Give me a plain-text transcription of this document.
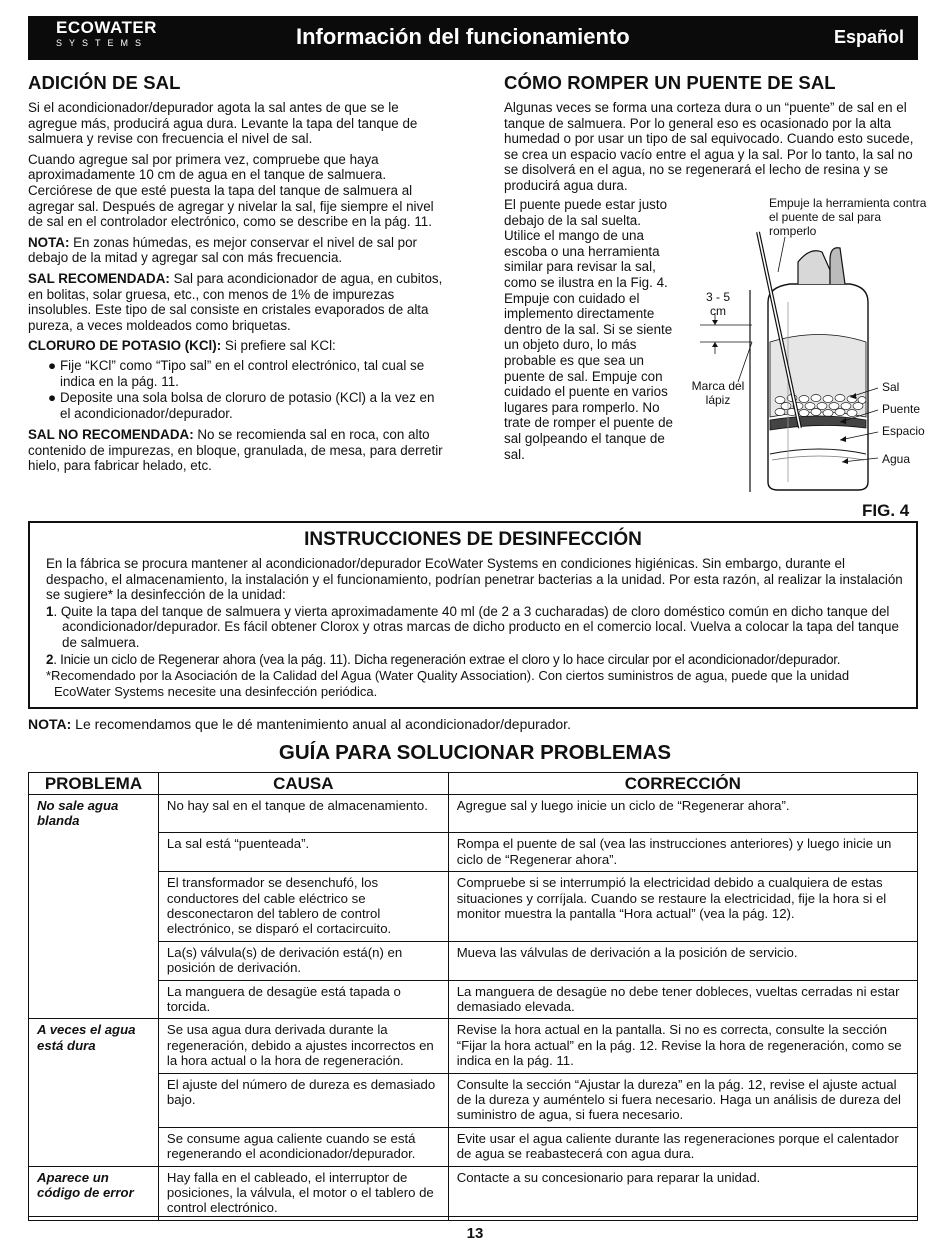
ECOWATER
SYSTEMS	Información del funcionamiento	Español
ADICIÓN DE SAL

Si el acondicionador/depurador agota la sal antes de que se le agregue más, producirá agua dura. Levante la tapa del tanque de salmuera y revise con frecuencia el nivel de sal.

Cuando agregue sal por primera vez, compruebe que haya aproximadamente 10 cm de agua en el tanque de salmuera. Cerciórese de que esté puesta la tapa del tanque de salmuera al agregar sal. Después de agregar y nivelar la sal, fije siempre el nivel de sal en el controlador electrónico, como se describe en la pág. 11.

NOTA: En zonas húmedas, es mejor conservar el nivel de sal por debajo de la mitad y agregar sal con más frecuencia.

SAL RECOMENDADA: Sal para acondicionador de agua, en cubitos, en bolitas, solar gruesa, etc., con menos de 1% de impurezas insolubles. Este tipo de sal consiste en cristales evaporados de alta pureza, a veces moldeados como briquetas.

CLORURO DE POTASIO (KCl): Si prefiere sal KCl:

● Fije “KCl” como “Tipo sal” en el control electrónico, tal cual se indica en la pág. 11.
● Deposite una sola bolsa de cloruro de potasio (KCl) a la vez en el acondicionador/depurador.

SAL NO RECOMENDADA: No se recomienda sal en roca, con alto contenido de impurezas, en bloque, granulada, de mesa, para derretir hielo, para fabricar helado, etc.

CÓMO ROMPER UN PUENTE DE SAL

Algunas veces se forma una corteza dura o un “puente” de sal en el tanque de salmuera. Por lo general eso es ocasionado por la alta humedad o por usar un tipo de sal equivocado. Cuando esto sucede, se crea un espacio vacío entre el agua y la sal. Por lo tanto, la sal no se disolverá en el agua, no se regenerará el lecho de resina y se producirá agua dura.

El puente puede estar justo debajo de la sal suelta. Utilice el mango de una escoba o una herramienta similar para revisar la sal, como se ilustra en la Fig. 4. Empuje con cuidado el implemento directamente dentro de la sal. Si se siente un objeto duro, lo más probable es que sea un puente de sal. Empuje con cuidado el puente en varios lugares para romperlo. No trate de romper el puente de sal golpeando el tanque de sal.
Empuje la herramienta contra el puente de sal para romperlo
3 - 5 cm
Marca del lápiz
Sal
Puente
Espacio
Agua
FIG. 4
INSTRUCCIONES DE DESINFECCIÓN

En la fábrica se procura mantener al acondicionador/depurador EcoWater Systems en condiciones higiénicas. Sin embargo, durante el despacho, el almacenamiento, la instalación y el funcionamiento, podrían penetrar bacterias a la unidad. Por esta razón, al realizar la instalación se sugiere* la desinfección de la unidad:

1. Quite la tapa del tanque de salmuera y vierta aproximadamente 40 ml (de 2 a 3 cucharadas) de cloro doméstico común en dicho tanque del acondicionador/depurador. Es fácil obtener Clorox y otras marcas de dicho producto en el comercio local. Vuelva a colocar la tapa del tanque de salmuera.

2. Inicie un ciclo de Regenerar ahora (vea la pág. 11). Dicha regeneración extrae el cloro y lo hace circular por el acondicionador/depurador.

*Recomendado por la Asociación de la Calidad del Agua (Water Quality Association). Con ciertos suministros de agua, puede que la unidad EcoWater Systems necesite una desinfección periódica.

NOTA: Le recomendamos que le dé mantenimiento anual al acondicionador/depurador.
GUÍA PARA SOLUCIONAR PROBLEMAS
PROBLEMA	CAUSA	CORRECCIÓN
No sale agua blanda	No hay sal en el tanque de almacenamiento.	Agregue sal y luego inicie un ciclo de “Regenerar ahora”.
	La sal está “puenteada”.	Rompa el puente de sal (vea las instrucciones anteriores) y luego inicie un ciclo de “Regenerar ahora”.
	El transformador se desenchufó, los conductores del cable eléctrico se desconectaron del tablero de control electrónico, se disparó el cortacircuito.	Compruebe si se interrumpió la electricidad debido a cualquiera de estas situaciones y corríjala. Cuando se restaure la electricidad, fije la hora si el monitor muestra la pantalla “Hora actual” (vea la pág. 12).
	La(s) válvula(s) de derivación está(n) en posición de derivación.	Mueva las válvulas de derivación a la posición de servicio.
	La manguera de desagüe está tapada o torcida.	La manguera de desagüe no debe tener dobleces, vueltas cerradas ni estar demasiado elevada.
A veces el agua está dura	Se usa agua dura derivada durante la regeneración, debido a ajustes incorrectos en la hora actual o la hora de regeneración.	Revise la hora actual en la pantalla. Si no es correcta, consulte la sección “Fijar la hora actual” en la pág. 12. Revise la hora de regeneración, como se indica en la pág. 11.
	El ajuste del número de dureza es demasiado bajo.	Consulte la sección “Ajustar la dureza” en la pág. 12, revise el ajuste actual de la dureza y auméntelo si fuera necesario. Haga un análisis de dureza del suministro de agua, si fuera necesario.
	Se consume agua caliente cuando se está regenerando el acondicionador/depurador.	Evite usar el agua caliente durante las regeneraciones porque el calentador de agua se reabastecerá con agua dura.
Aparece un código de error	Hay falla en el cableado, el interruptor de posiciones, la válvula, el motor o el tablero de control electrónico.	Contacte a su concesionario para reparar la unidad.
13
